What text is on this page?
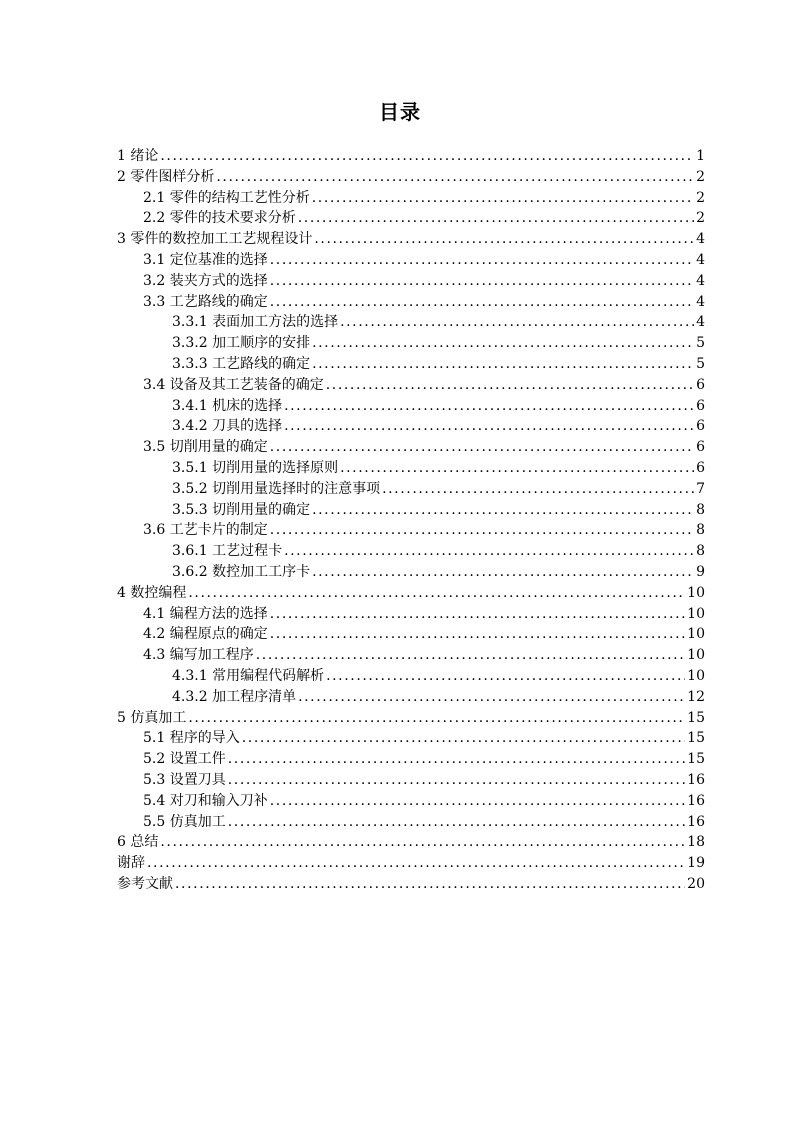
目录
1 绪论 .....	1
2 零件图样分析 .....	2
2.1 零件的结构工艺性分析 .....	2
2.2 零件的技术要求分析 .....	2
3 零件的数控加工工艺规程设计 .....	4
3.1 定位基准的选择 .....	4
3.2 装夹方式的选择 .....	4
3.3 工艺路线的确定 .....	4
3.3.1 表面加工方法的选择 .....	4
3.3.2 加工顺序的安排 .....	5
3.3.3 工艺路线的确定 .....	5
3.4 设备及其工艺装备的确定 .....	6
3.4.1 机床的选择 .....	6
3.4.2 刀具的选择 .....	6
3.5 切削用量的确定 .....	6
3.5.1 切削用量的选择原则 .....	6
3.5.2 切削用量选择时的注意事项 .....	7
3.5.3 切削用量的确定 .....	8
3.6 工艺卡片的制定 .....	8
3.6.1 工艺过程卡 .....	8
3.6.2 数控加工工序卡 .....	9
4 数控编程 .....	10
4.1 编程方法的选择 .....	10
4.2 编程原点的确定 .....	10
4.3 编写加工程序 .....	10
4.3.1 常用编程代码解析 .....	10
4.3.2 加工程序清单 .....	12
5 仿真加工 .....	15
5.1 程序的导入 .....	15
5.2 设置工件 .....	15
5.3 设置刀具 .....	16
5.4 对刀和输入刀补 .....	16
5.5 仿真加工 .....	16
6 总结 .....	18
谢辞 .....	19
参考文献 .....	20
